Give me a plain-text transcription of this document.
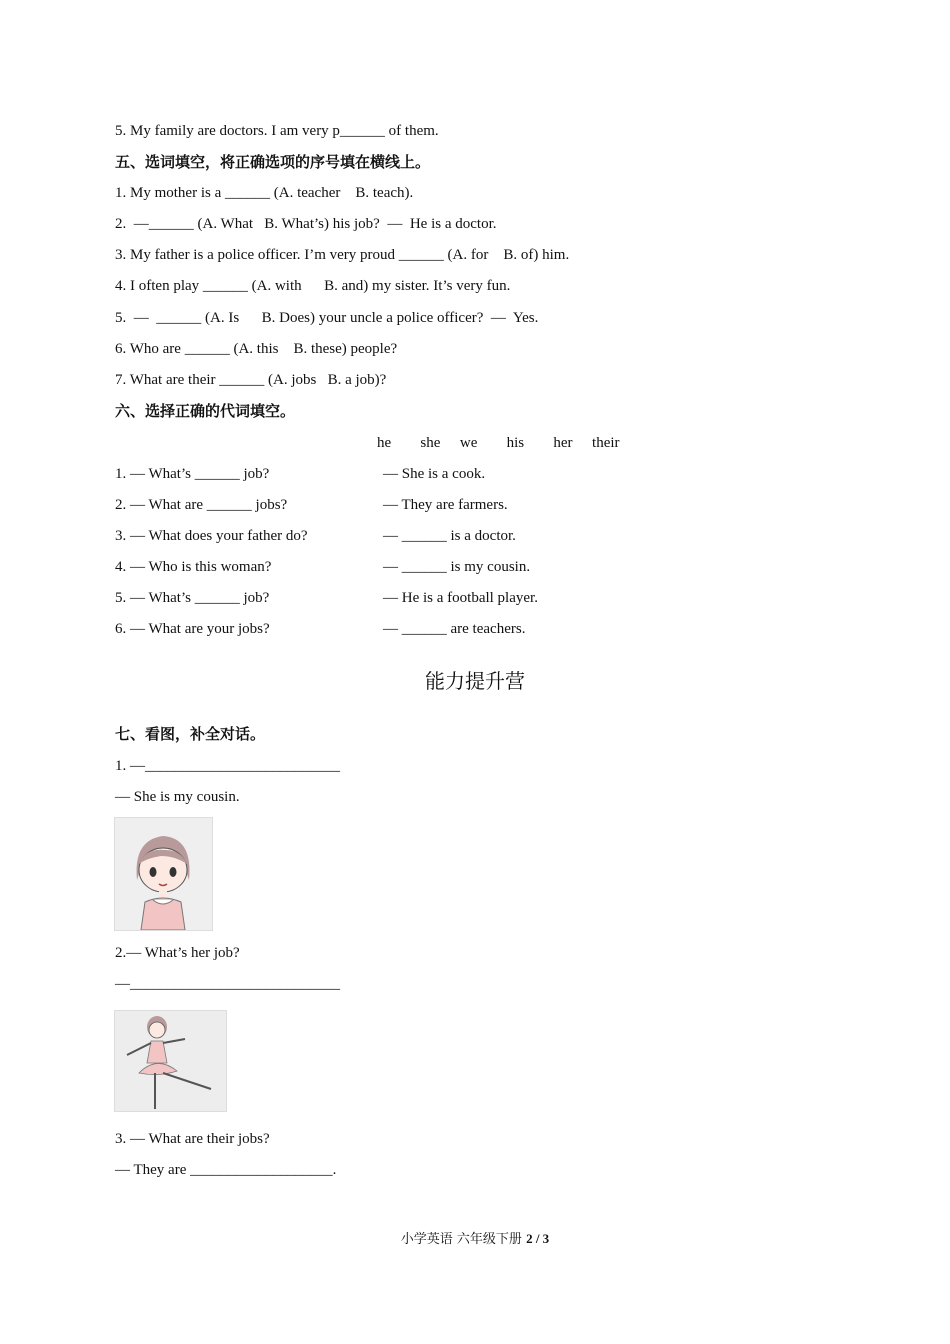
5. My family are doctors. I am very p______ of them.
五、选词填空，将正确选项的序号填在横线上。
1. My mother is a ______ (A. teacher    B. teach).
2.  —______ (A. What   B. What’s) his job?  —  He is a doctor.
3. My father is a police officer. I’m very proud ______ (A. for    B. of) him.
4. I often play ______ (A. with      B. and) my sister. It’s very fun.
5.  —  ______ (A. Is      B. Does) your uncle a police officer?  —  Yes.
6. Who are ______ (A. this    B. these) people?
7. What are their ______ (A. jobs   B. a job)?
六、选择正确的代词填空。
he   she  we   his   her  their
1. — What’s ______ job?	— She is a cook.
2. — What are ______ jobs?	— They are farmers.
3. — What does your father do?	— ______ is a doctor.
4. — Who is this woman?	— ______ is my cousin.
5. — What’s ______ job?	— He is a football player.
6. — What are your jobs?	— ______ are teachers.
能力提升营
七、看图，补全对话。
1. —__________________________
— She is my cousin.
2.— What’s her job?
—____________________________
3. — What are their jobs?
— They are ___________________.
小学英语 六年级下册 2 / 3
